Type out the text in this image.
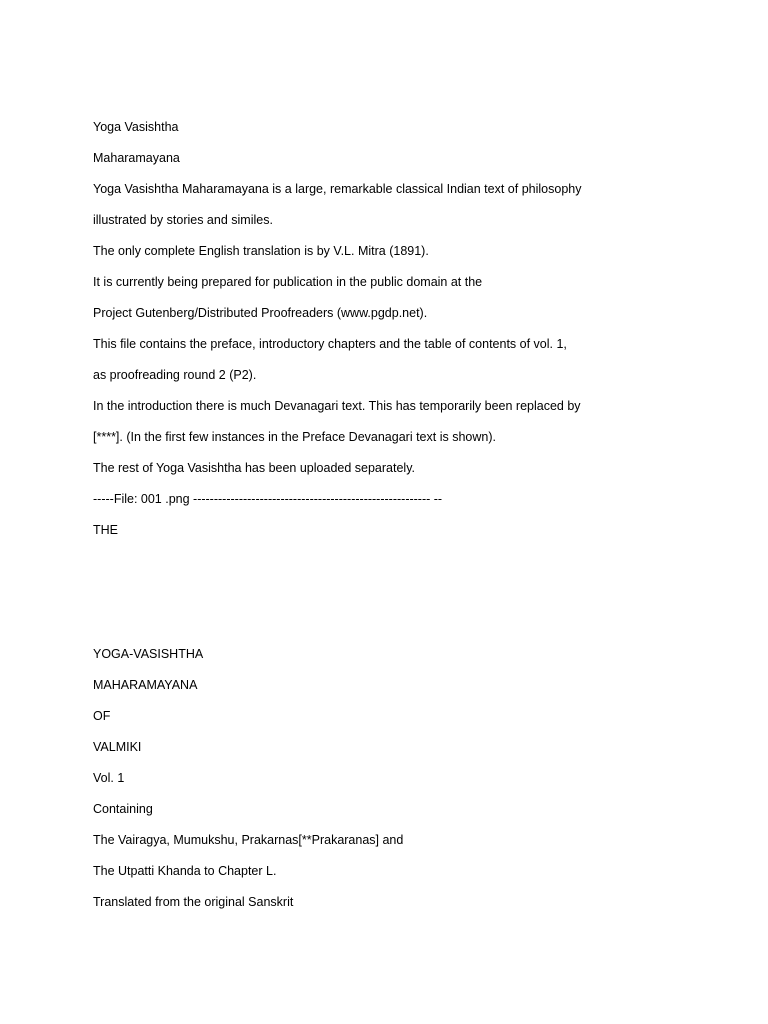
Yoga Vasishtha
Maharamayana
Yoga Vasishtha Maharamayana is a large, remarkable classical Indian text of philosophy
illustrated by stories and similes.
The only complete English translation is by V.L. Mitra (1891).
It is currently being prepared for publication in the public domain at the
Project Gutenberg/Distributed Proofreaders (www.pgdp.net).
This file contains the preface, introductory chapters and the table of contents of vol. 1,
as proofreading round 2 (P2).
In the introduction there is much Devanagari text. This has temporarily been replaced by
[****]. (In the first few instances in the Preface Devanagari text is shown).
The rest of Yoga Vasishtha has been uploaded separately.
-----File: 001 .png --------------------------------------------------------- --
THE
YOGA-VASISHTHA
MAHARAMAYANA
OF
VALMIKI
Vol. 1
Containing
The Vairagya, Mumukshu, Prakarnas[**Prakaranas] and
The Utpatti Khanda to Chapter L.
Translated from the original Sanskrit
